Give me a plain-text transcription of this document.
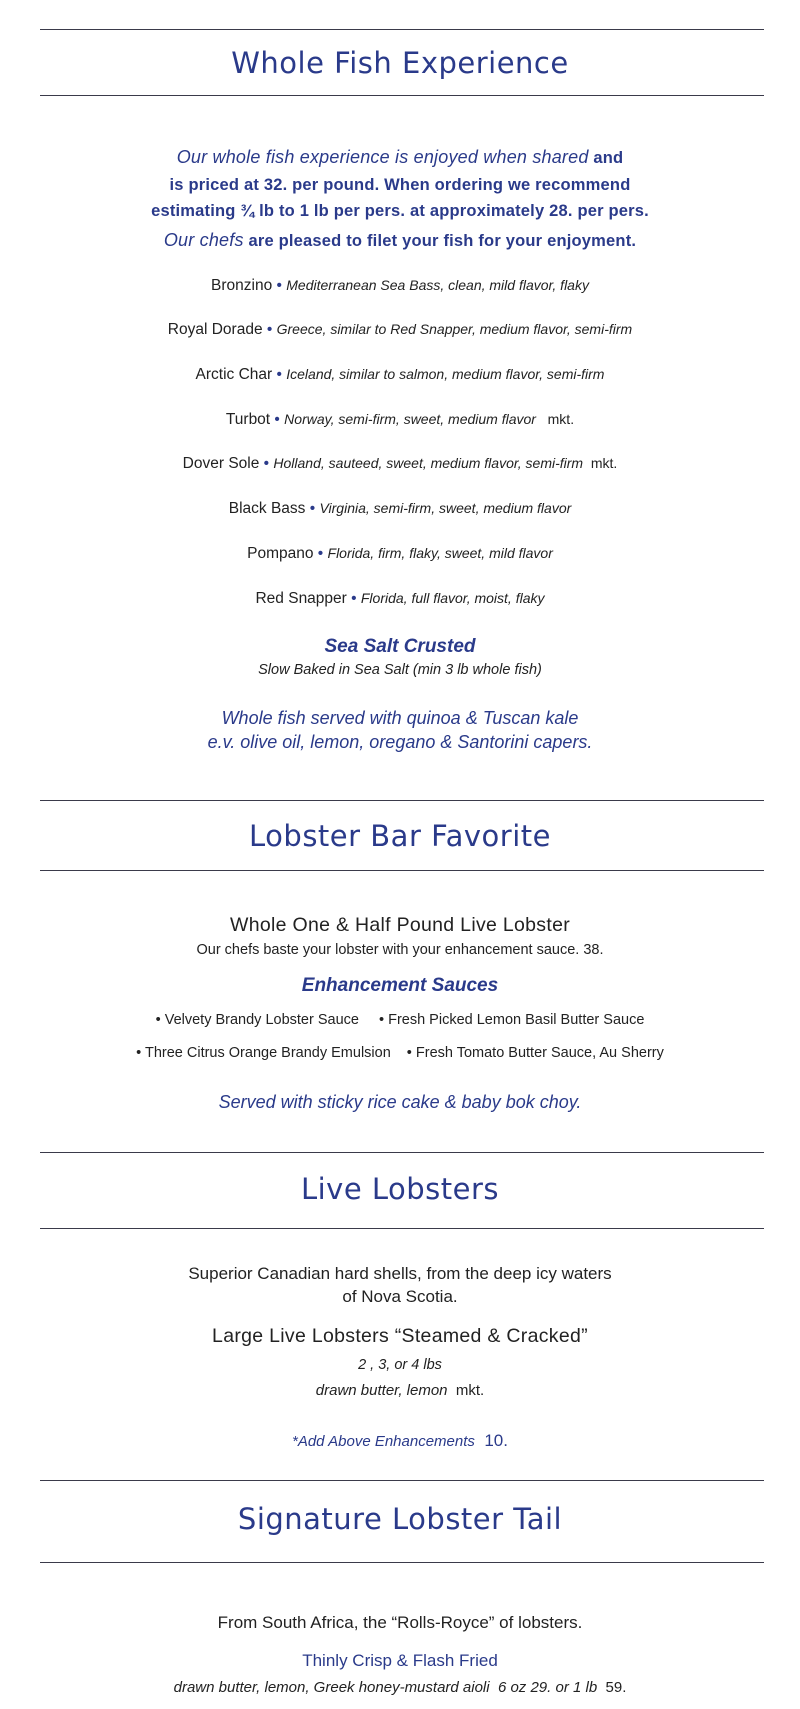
Whole Fish Experience
Our whole fish experience is enjoyed when shared and
is priced at 32. per pound. When ordering we recommend
estimating ¾ lb to 1 lb per pers. at approximately 28. per pers.
Our chefs are pleased to filet your fish for your enjoyment.
Bronzino • Mediterranean Sea Bass, clean, mild flavor, flaky
Royal Dorade • Greece, similar to Red Snapper, medium flavor, semi-firm
Arctic Char • Iceland, similar to salmon, medium flavor, semi-firm
Turbot • Norway, semi-firm, sweet, medium flavor   mkt.
Dover Sole • Holland, sauteed, sweet, medium flavor, semi-firm  mkt.
Black Bass • Virginia, semi-firm, sweet, medium flavor
Pompano • Florida, firm, flaky, sweet, mild flavor
Red Snapper • Florida, full flavor, moist, flaky
Sea Salt Crusted
Slow Baked in Sea Salt (min 3 lb whole fish)
Whole fish served with quinoa & Tuscan kale
e.v. olive oil, lemon, oregano & Santorini capers.
Lobster Bar Favorite
Whole One & Half Pound Live Lobster
Our chefs baste your lobster with your enhancement sauce. 38.
Enhancement Sauces
• Velvety Brandy Lobster Sauce • Fresh Picked Lemon Basil Butter Sauce
• Three Citrus Orange Brandy Emulsion • Fresh Tomato Butter Sauce, Au Sherry
Served with sticky rice cake & baby bok choy.
Live Lobsters
Superior Canadian hard shells, from the deep icy waters
of Nova Scotia.
Large Live Lobsters “Steamed & Cracked”
2 , 3, or 4 lbs
drawn butter, lemon  mkt.
*Add Above Enhancements  10.
Signature Lobster Tail
From South Africa, the “Rolls-Royce” of lobsters.
Thinly Crisp & Flash Fried
drawn butter, lemon, Greek honey-mustard aioli  6 oz 29. or 1 lb  59.
